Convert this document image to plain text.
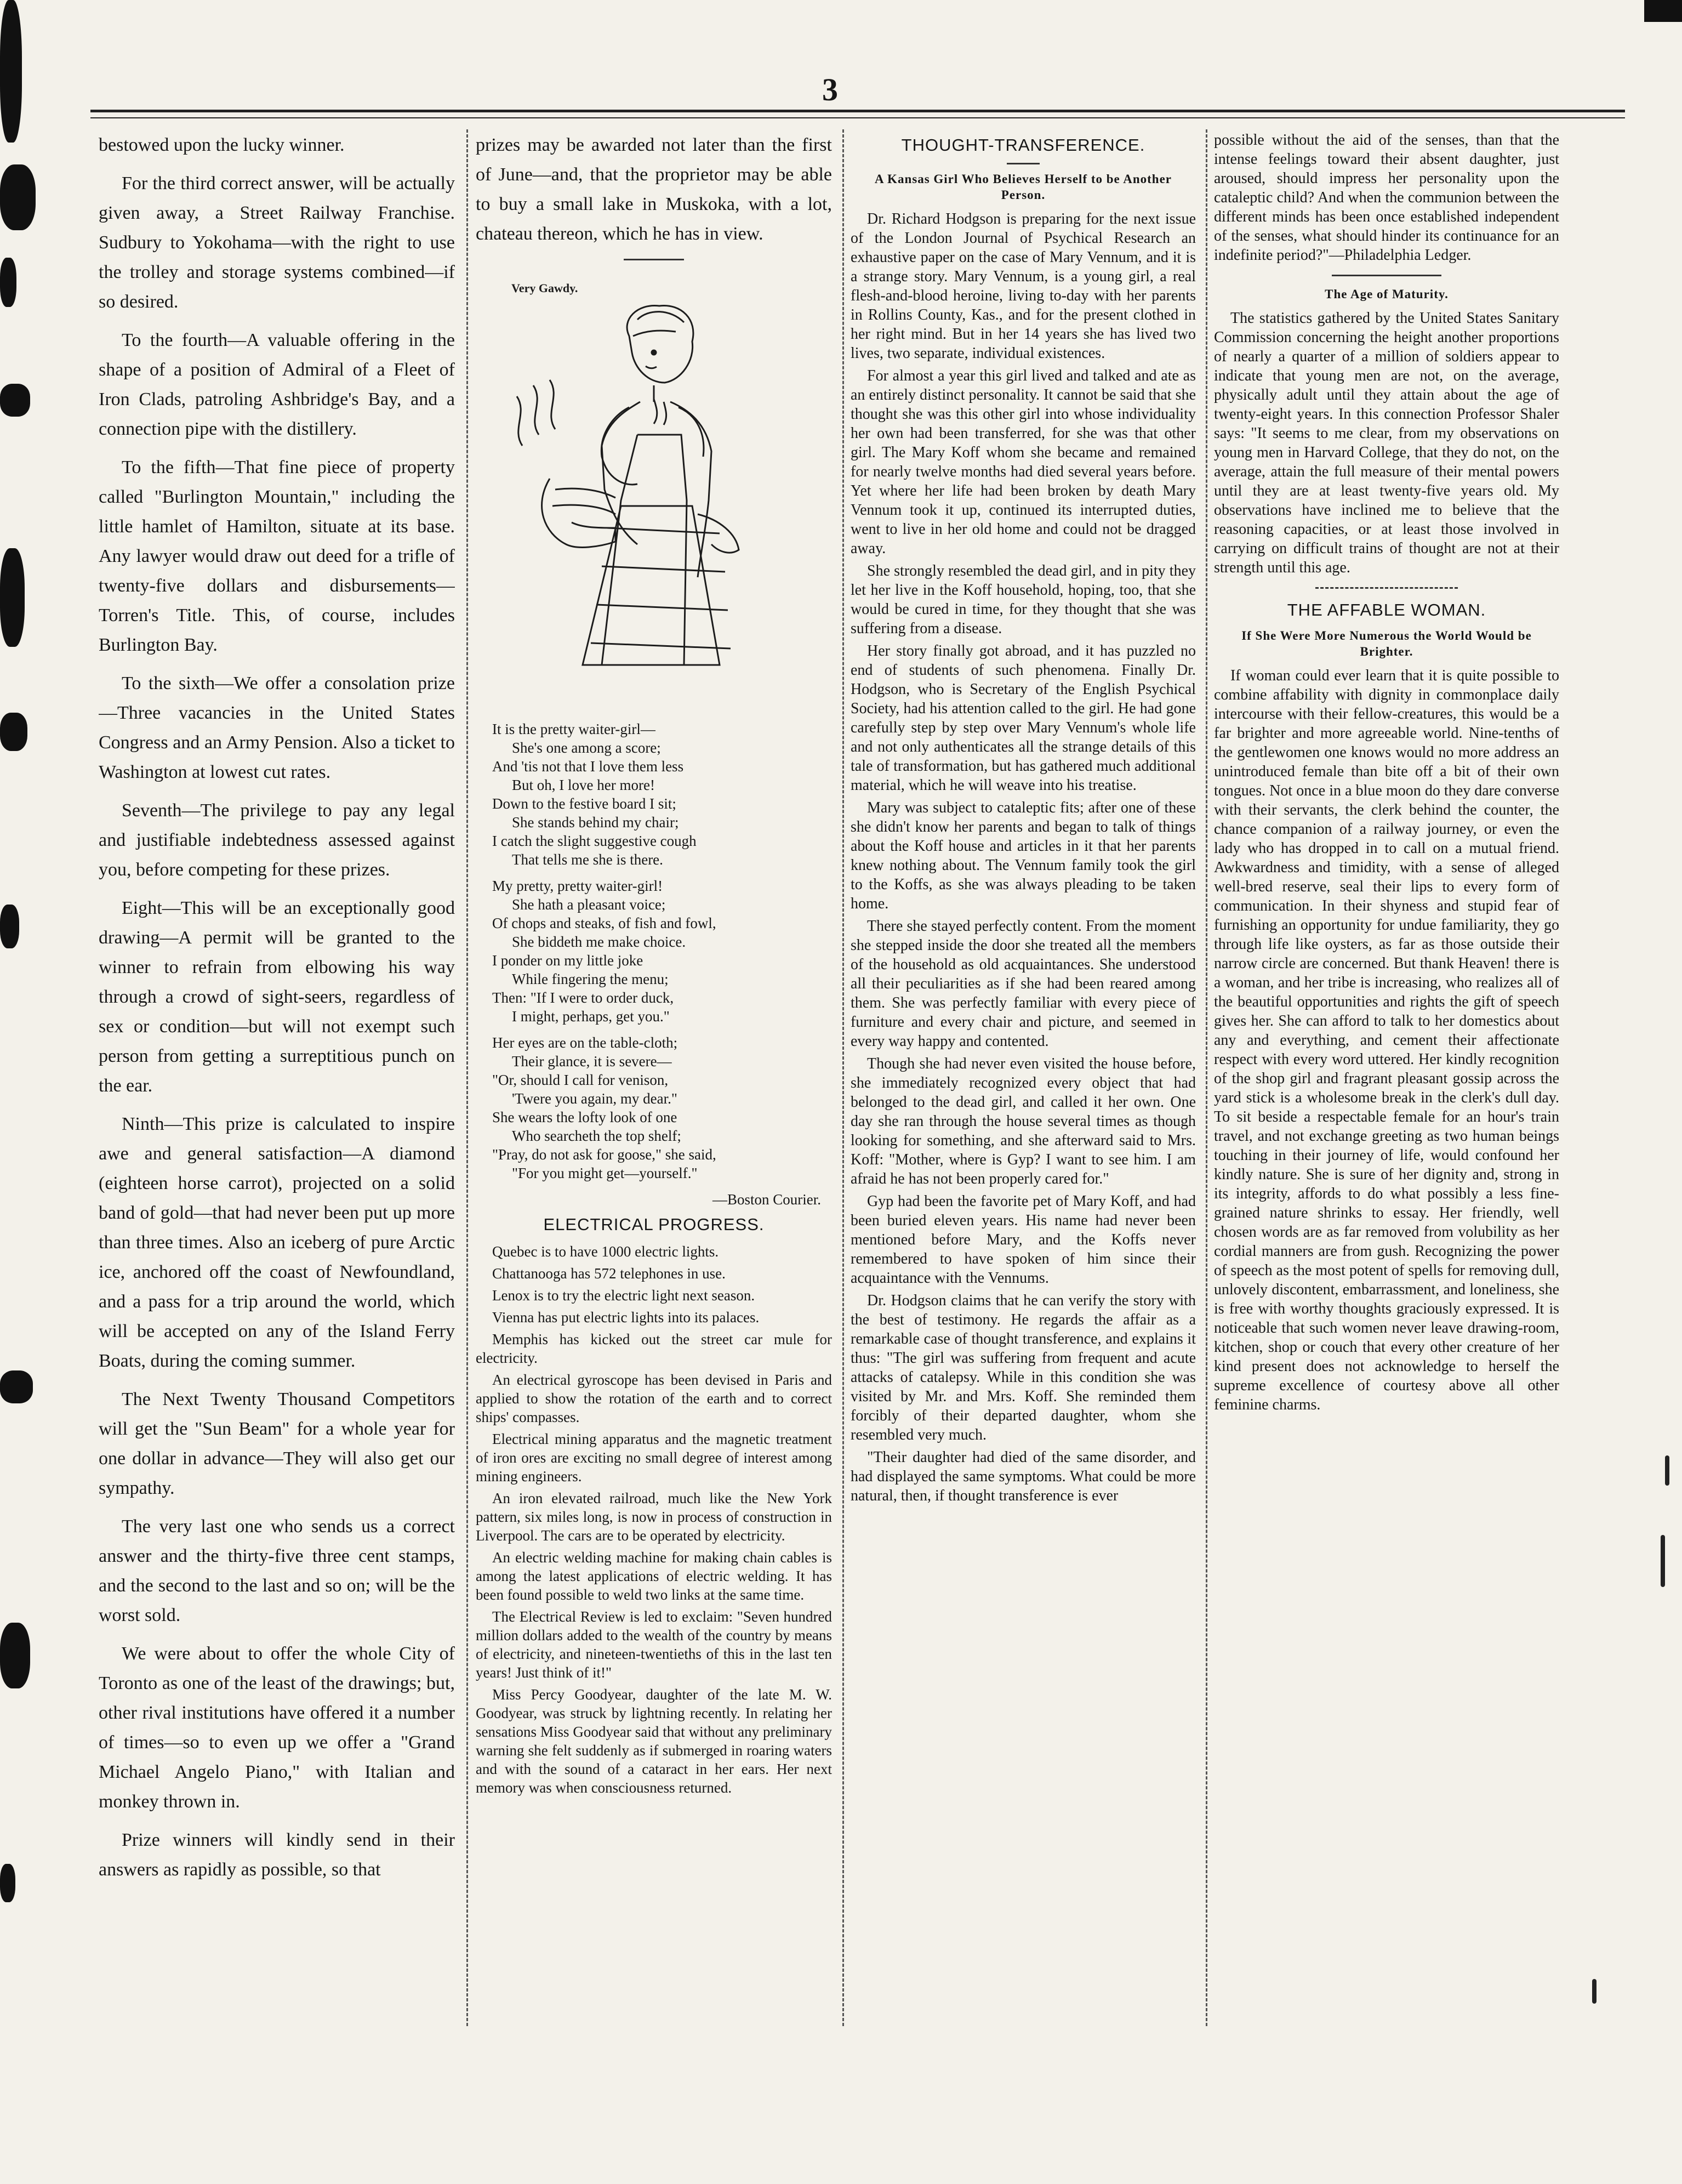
3

bestowed upon the lucky winner.

For the third correct answer, will be actually given away, a Street Railway Franchise. Sudbury to Yokohama—with the right to use the trolley and storage systems combined—if so desired.

To the fourth—A valuable offering in the shape of a position of Admiral of a Fleet of Iron Clads, patroling Ashbridge's Bay, and a connection pipe with the distillery.

To the fifth—That fine piece of property called "Burlington Mountain," including the little hamlet of Hamilton, situate at its base. Any lawyer would draw out deed for a trifle of twenty-five dollars and disbursements—Torren's Title. This, of course, includes Burlington Bay.

To the sixth—We offer a consolation prize—Three vacancies in the United States Congress and an Army Pension. Also a ticket to Washington at lowest cut rates.

Seventh—The privilege to pay any legal and justifiable indebtedness assessed against you, before competing for these prizes.

Eight—This will be an exceptionally good drawing—A permit will be granted to the winner to refrain from elbowing his way through a crowd of sight-seers, regardless of sex or condition—but will not exempt such person from getting a surreptitious punch on the ear.

Ninth—This prize is calculated to inspire awe and general satisfaction—A diamond (eighteen horse carrot), projected on a solid band of gold—that had never been put up more than three times. Also an iceberg of pure Arctic ice, anchored off the coast of Newfoundland, and a pass for a trip around the world, which will be accepted on any of the Island Ferry Boats, during the coming summer.

The Next Twenty Thousand Competitors will get the "Sun Beam" for a whole year for one dollar in advance—They will also get our sympathy.

The very last one who sends us a correct answer and the thirty-five three cent stamps, and the second to the last and so on; will be the worst sold.

We were about to offer the whole City of Toronto as one of the least of the drawings; but, other rival institutions have offered it a number of times—so to even up we offer a "Grand Michael Angelo Piano," with Italian and monkey thrown in.

Prize winners will kindly send in their answers as rapidly as possible, so that

prizes may be awarded not later than the first of June—and, that the proprietor may be able to buy a small lake in Muskoka, with a lot, chateau thereon, which he has in view.

Very Gawdy.
It is the pretty waiter-girl—
She's one among a score;
And 'tis not that I love them less
But oh, I love her more!
Down to the festive board I sit;
She stands behind my chair;
I catch the slight suggestive cough
That tells me she is there.
My pretty, pretty waiter-girl!
She hath a pleasant voice;
Of chops and steaks, of fish and fowl,
She biddeth me make choice.
I ponder on my little joke
While fingering the menu;
Then: "If I were to order duck,
I might, perhaps, get you."
Her eyes are on the table-cloth;
Their glance, it is severe—
"Or, should I call for venison,
'Twere you again, my dear."
She wears the lofty look of one
Who searcheth the top shelf;
"Pray, do not ask for goose," she said,
"For you might get—yourself."
—Boston Courier.
ELECTRICAL PROGRESS.

Quebec is to have 1000 electric lights.

Chattanooga has 572 telephones in use.

Lenox is to try the electric light next season.

Vienna has put electric lights into its palaces.

Memphis has kicked out the street car mule for electricity.

An electrical gyroscope has been devised in Paris and applied to show the rotation of the earth and to correct ships' compasses.

Electrical mining apparatus and the magnetic treatment of iron ores are exciting no small degree of interest among mining engineers.

An iron elevated railroad, much like the New York pattern, six miles long, is now in process of construction in Liverpool. The cars are to be operated by electricity.

An electric welding machine for making chain cables is among the latest applications of electric welding. It has been found possible to weld two links at the same time.

The Electrical Review is led to exclaim: "Seven hundred million dollars added to the wealth of the country by means of electricity, and nineteen-twentieths of this in the last ten years! Just think of it!"

Miss Percy Goodyear, daughter of the late M. W. Goodyear, was struck by lightning recently. In relating her sensations Miss Goodyear said that without any preliminary warning she felt suddenly as if submerged in roaring waters and with the sound of a cataract in her ears. Her next memory was when consciousness returned.

THOUGHT-TRANSFERENCE.
A Kansas Girl Who Believes Herself to be Another Person.

Dr. Richard Hodgson is preparing for the next issue of the London Journal of Psychical Research an exhaustive paper on the case of Mary Vennum, and it is a strange story. Mary Vennum, is a young girl, a real flesh-and-blood heroine, living to-day with her parents in Rollins County, Kas., and for the present clothed in her right mind. But in her 14 years she has lived two lives, two separate, individual existences.

For almost a year this girl lived and talked and ate as an entirely distinct personality. It cannot be said that she thought she was this other girl into whose individuality her own had been transferred, for she was that other girl. The Mary Koff whom she became and remained for nearly twelve months had died several years before. Yet where her life had been broken by death Mary Vennum took it up, continued its interrupted duties, went to live in her old home and could not be dragged away.

She strongly resembled the dead girl, and in pity they let her live in the Koff household, hoping, too, that she would be cured in time, for they thought that she was suffering from a disease.

Her story finally got abroad, and it has puzzled no end of students of such phenomena. Finally Dr. Hodgson, who is Secretary of the English Psychical Society, had his attention called to the girl. He had gone carefully step by step over Mary Vennum's whole life and not only authenticates all the strange details of this tale of transformation, but has gathered much additional material, which he will weave into his treatise.

Mary was subject to cataleptic fits; after one of these she didn't know her parents and began to talk of things about the Koff house and articles in it that her parents knew nothing about. The Vennum family took the girl to the Koffs, as she was always pleading to be taken home.

There she stayed perfectly content. From the moment she stepped inside the door she treated all the members of the household as old acquaintances. She understood all their peculiarities as if she had been reared among them. She was perfectly familiar with every piece of furniture and every chair and picture, and seemed in every way happy and contented.

Though she had never even visited the house before, she immediately recognized every object that had belonged to the dead girl, and called it her own. One day she ran through the house several times as though looking for something, and she afterward said to Mrs. Koff: "Mother, where is Gyp? I want to see him. I am afraid he has not been properly cared for."

Gyp had been the favorite pet of Mary Koff, and had been buried eleven years. His name had never been mentioned before Mary, and the Koffs never remembered to have spoken of him since their acquaintance with the Vennums.

Dr. Hodgson claims that he can verify the story with the best of testimony. He regards the affair as a remarkable case of thought transference, and explains it thus: "The girl was suffering from frequent and acute attacks of catalepsy. While in this condition she was visited by Mr. and Mrs. Koff. She reminded them forcibly of their departed daughter, whom she resembled very much.

"Their daughter had died of the same disorder, and had displayed the same symptoms. What could be more natural, then, if thought transference is ever

possible without the aid of the senses, than that the intense feelings toward their absent daughter, just aroused, should impress her personality upon the cataleptic child? And when the communion between the different minds has been once established independent of the senses, what should hinder its continuance for an indefinite period?"—Philadelphia Ledger.

The Age of Maturity.

The statistics gathered by the United States Sanitary Commission concerning the height another proportions of nearly a quarter of a million of soldiers appear to indicate that young men are not, on the average, physically adult until they attain about the age of twenty-eight years. In this connection Professor Shaler says: "It seems to me clear, from my observations on young men in Harvard College, that they do not, on the average, attain the full measure of their mental powers until they are at least twenty-five years old. My observations have inclined me to believe that the reasoning capacities, or at least those involved in carrying on difficult trains of thought are not at their strength until this age.

THE AFFABLE WOMAN.
If She Were More Numerous the World Would be Brighter.

If woman could ever learn that it is quite possible to combine affability with dignity in commonplace daily intercourse with their fellow-creatures, this would be a far brighter and more agreeable world. Nine-tenths of the gentlewomen one knows would no more address an unintroduced female than bite off a bit of their own tongues. Not once in a blue moon do they dare converse with their servants, the clerk behind the counter, the chance companion of a railway journey, or even the lady who has dropped in to call on a mutual friend. Awkwardness and timidity, with a sense of alleged well-bred reserve, seal their lips to every form of communication. In their shyness and stupid fear of furnishing an opportunity for undue familiarity, they go through life like oysters, as far as those outside their narrow circle are concerned. But thank Heaven! there is a woman, and her tribe is increasing, who realizes all of the beautiful opportunities and rights the gift of speech gives her. She can afford to talk to her domestics about any and everything, and cement their affectionate respect with every word uttered. Her kindly recognition of the shop girl and fragrant pleasant gossip across the yard stick is a wholesome break in the clerk's dull day. To sit beside a respectable female for an hour's train travel, and not exchange greeting as two human beings touching in their journey of life, would confound her kindly nature. She is sure of her dignity and, strong in its integrity, affords to do what possibly a less fine-grained nature shrinks to essay. Her friendly, well chosen words are as far removed from volubility as her cordial manners are from gush. Recognizing the power of speech as the most potent of spells for removing dull, unlovely discontent, embarrassment, and loneliness, she is free with worthy thoughts graciously expressed. It is noticeable that such women never leave drawing-room, kitchen, shop or couch that every other creature of her kind present does not acknowledge to herself the supreme excellence of courtesy above all other feminine charms.
